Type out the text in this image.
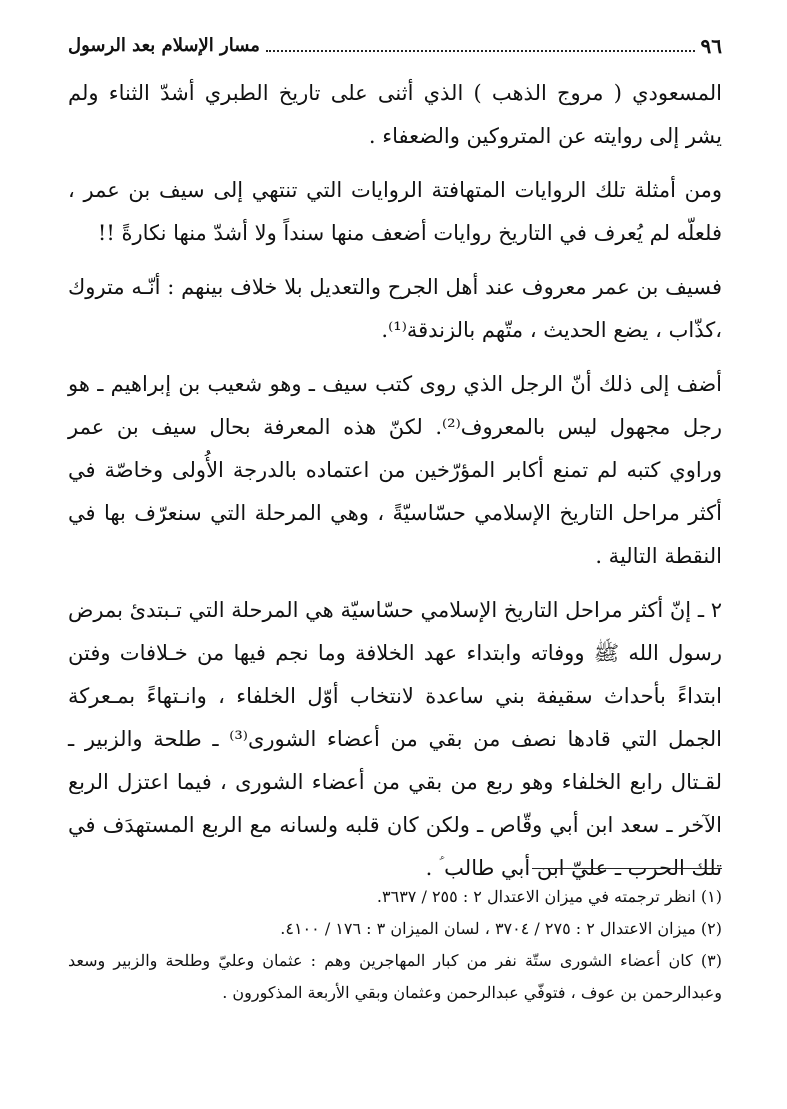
٩٦
مسار الإسلام بعد الرسول

المسعودي ( مروج الذهب ) الذي أثنى على تاريخ الطبري أشدّ الثناء ولم يشر إلى روايته عن المتروكين والضعفاء .

ومن أمثلة تلك الروايات المتهافتة الروايات التي تنتهي إلى سيف بن عمر ، فلعلّه لم يُعرف في التاريخ روايات أضعف منها سنداً ولا أشدّ منها نكارةً !!

فسيف بن عمر معروف عند أهل الجرح والتعديل بلا خلاف بينهم : أنّـه متروك ،كذّاب ، يضع الحديث ، متّهم بالزندقة⁽¹⁾.

أضف إلى ذلك أنّ الرجل الذي روى كتب سيف ـ وهو شعيب بن إبراهيم ـ هو رجل مجهول ليس بالمعروف⁽²⁾. لكنّ هذه المعرفة بحال سيف بن عمر وراوي كتبه لم تمنع أكابر المؤرّخين من اعتماده بالدرجة الأُولى وخاصّة في أكثر مراحل التاريخ الإسلامي حسّاسيّةً ، وهي المرحلة التي سنعرّف بها في النقطة التالية .

٢ ـ إنّ أكثر مراحل التاريخ الإسلامي حسّاسيّة هي المرحلة التي تـبتدئ بمرض رسول الله ﷺ ووفاته وابتداء عهد الخلافة وما نجم فيها من خـلافات وفتن ابتداءً بأحداث سقيفة بني ساعدة لانتخاب أوّل الخلفاء ، وانـتهاءً بمـعركة الجمل التي قادها نصف من بقي من أعضاء الشورى⁽³⁾ ـ طلحة والزبير ـ لقـتال رابع الخلفاء وهو ربع من بقي من أعضاء الشورى ، فيما اعتزل الربع الآخر ـ سعد ابن أبي وقّاص ـ ولكن كان قلبه ولسانه مع الربع المستهدَف في تلك الحرب ـ عليّ ابن أبي طالب ؑ .

(١) انظر ترجمته في ميزان الاعتدال ٢ : ٢٥٥ / ٣٦٣٧.

(٢) ميزان الاعتدال ٢ : ٢٧٥ / ٣٧٠٤ ، لسان الميزان ٣ : ١٧٦ / ٤١٠٠.

(٣) كان أعضاء الشورى ستّة نفر من كبار المهاجرين وهم : عثمان وعليّ وطلحة والزبير وسعد وعبدالرحمن بن عوف ، فتوفّي عبدالرحمن وعثمان وبقي الأربعة المذكورون .
